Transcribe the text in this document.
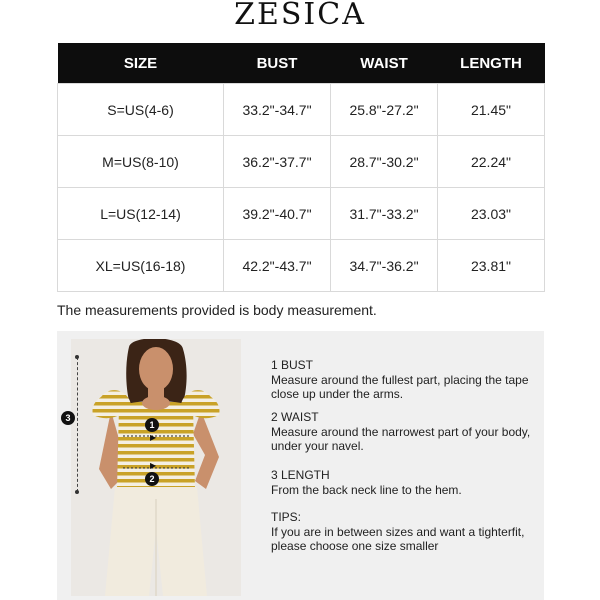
ZESICA
SIZE	BUST	WAIST	LENGTH
S=US(4-6)	33.2"-34.7"	25.8"-27.2"	21.45"
M=US(8-10)	36.2"-37.7"	28.7"-30.2"	22.24"
L=US(12-14)	39.2"-40.7"	31.7"-33.2"	23.03"
XL=US(16-18)	42.2"-43.7"	34.7"-36.2"	23.81"
The measurements provided is body measurement.
3
1
▶
2
▶
1 BUST
Measure around the fullest part, placing the tape close up under the arms.
2 WAIST
Measure around the narrowest part of your body, under your navel.
3 LENGTH
From the back neck line to the hem.
TIPS:
If you are in between sizes and want a tighterfit, please choose one size smaller
